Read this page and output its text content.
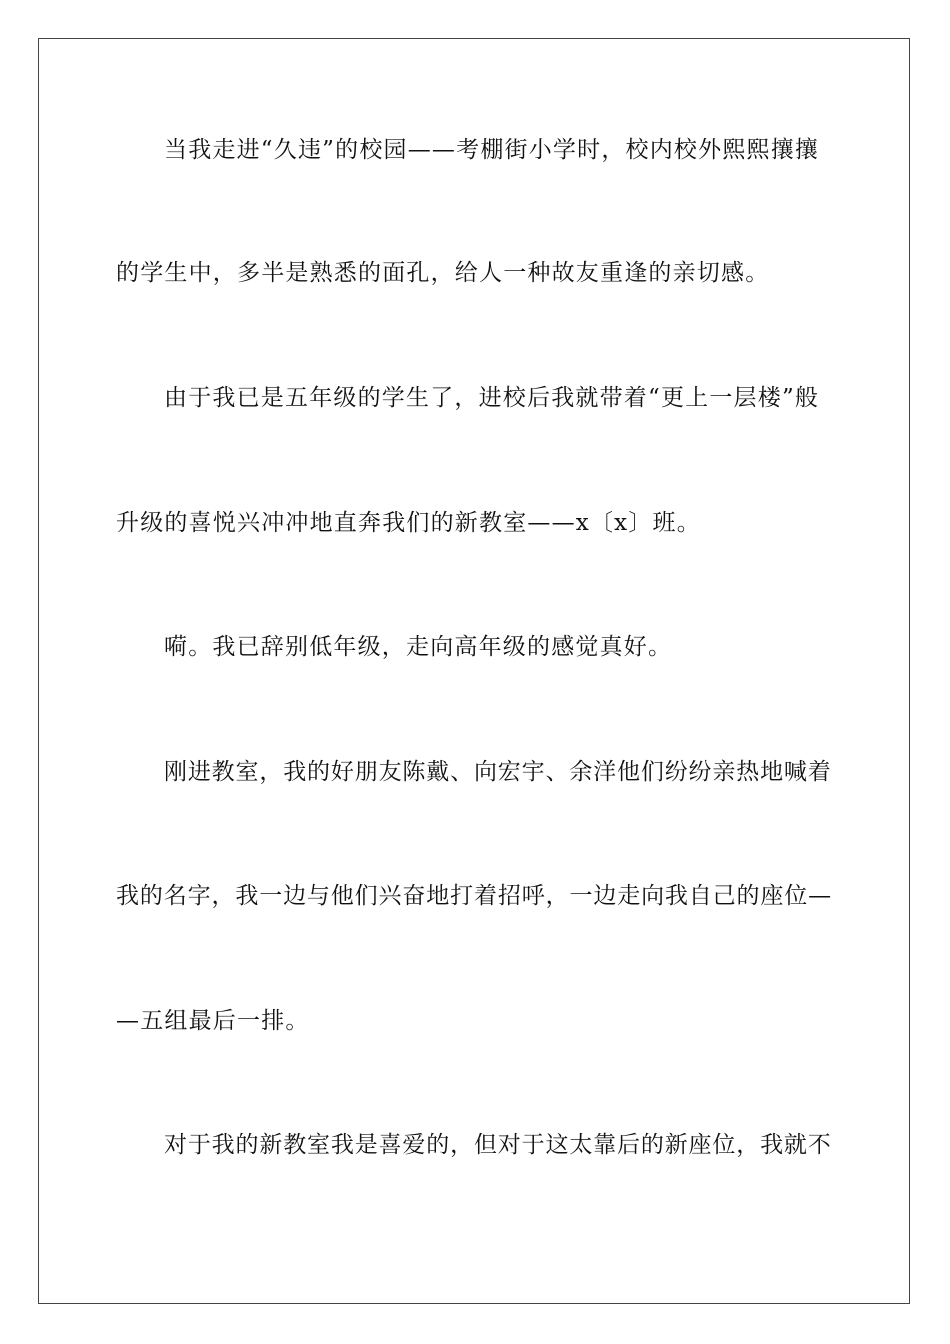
当我走进“久违”的校园——考棚街小学时，校内校外熙熙攘攘
的学生中，多半是熟悉的面孔，给人一种故友重逢的亲切感。
由于我已是五年级的学生了，进校后我就带着“更上一层楼”般
升级的喜悦兴冲冲地直奔我们的新教室——x〔x〕班。
嗬。我已辞别低年级，走向高年级的感觉真好。
刚进教室，我的好朋友陈戴、向宏宇、余洋他们纷纷亲热地喊着
我的名字，我一边与他们兴奋地打着招呼，一边走向我自己的座位—
—五组最后一排。
对于我的新教室我是喜爱的，但对于这太靠后的新座位，我就不
